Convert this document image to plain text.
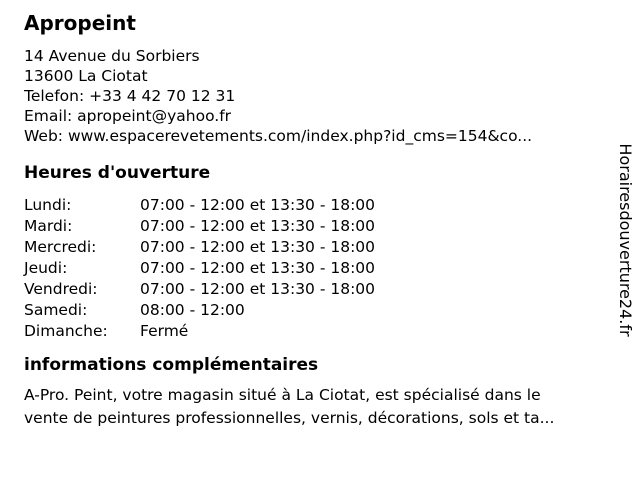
Apropeint
14 Avenue du Sorbiers
13600 La Ciotat
Telefon: +33 4 42 70 12 31
Email: apropeint@yahoo.fr
Web: www.espacerevetements.com/index.php?id_cms=154&co...
Heures d'ouverture
Lundi:	07:00 - 12:00 et 13:30 - 18:00
Mardi:	07:00 - 12:00 et 13:30 - 18:00
Mercredi:	07:00 - 12:00 et 13:30 - 18:00
Jeudi:	07:00 - 12:00 et 13:30 - 18:00
Vendredi:	07:00 - 12:00 et 13:30 - 18:00
Samedi:	08:00 - 12:00
Dimanche:	Fermé
informations complémentaires
A-Pro. Peint, votre magasin situé à La Ciotat, est spécialisé dans le
vente de peintures professionnelles, vernis, décorations, sols et ta...
Horairesdouverture24.fr
